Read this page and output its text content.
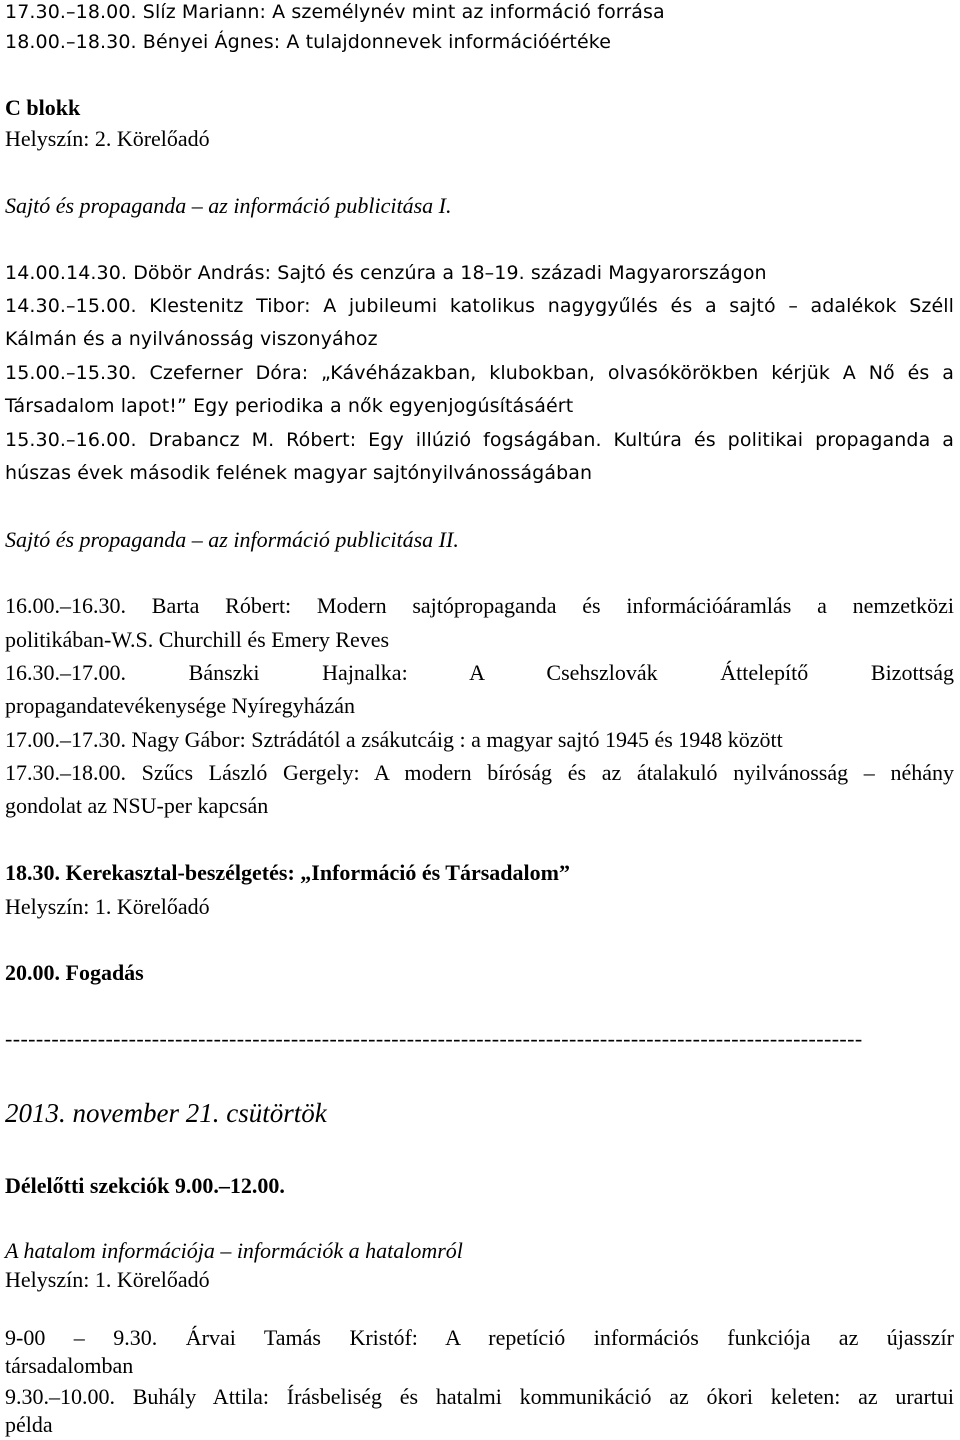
17.30.–18.00. Slíz Mariann: A személynév mint az információ forrása
18.00.–18.30. Bényei Ágnes: A tulajdonnevek információértéke
C blokk
Helyszín: 2. Körelőadó
Sajtó és propaganda – az információ publicitása I.
14.00.14.30. Döbör András: Sajtó és cenzúra a 18–19. századi Magyarországon
14.30.–15.00. Klestenitz Tibor: A jubileumi katolikus nagygyűlés és a sajtó – adalékok Széll
Kálmán és a nyilvánosság viszonyához
15.00.–15.30. Czeferner Dóra: „Kávéházakban, klubokban, olvasókörökben kérjük A Nő és a
Társadalom lapot!” Egy periodika a nők egyenjogúsításáért
15.30.–16.00. Drabancz M. Róbert: Egy illúzió fogságában. Kultúra és politikai propaganda a
húszas évek második felének magyar sajtónyilvánosságában
Sajtó és propaganda – az információ publicitása II.
16.00.–16.30. Barta Róbert: Modern sajtópropaganda és információáramlás a nemzetközi
politikában-W.S. Churchill és Emery Reves
16.30.–17.00. Bánszki Hajnalka: A Csehszlovák Áttelepítő Bizottság
propagandatevékenysége Nyíregyházán
17.00.–17.30. Nagy Gábor: Sztrádától a zsákutcáig : a magyar sajtó 1945 és 1948 között
17.30.–18.00. Szűcs László Gergely: A modern bíróság és az átalakuló nyilvánosság – néhány
gondolat az NSU-per kapcsán
18.30. Kerekasztal-beszélgetés: „Információ és Társadalom”
Helyszín: 1. Körelőadó
20.00. Fogadás
---------------------------------------------------------------------------------------------------------------
2013. november 21. csütörtök
Délelőtti szekciók 9.00.–12.00.
A hatalom információja – információk a hatalomról
Helyszín: 1. Körelőadó
9-00 – 9.30. Árvai Tamás Kristóf: A repetíció információs funkciója az újasszír
társadalomban
9.30.–10.00. Buhály Attila: Írásbeliség és hatalmi kommunikáció az ókori keleten: az urartui
példa
